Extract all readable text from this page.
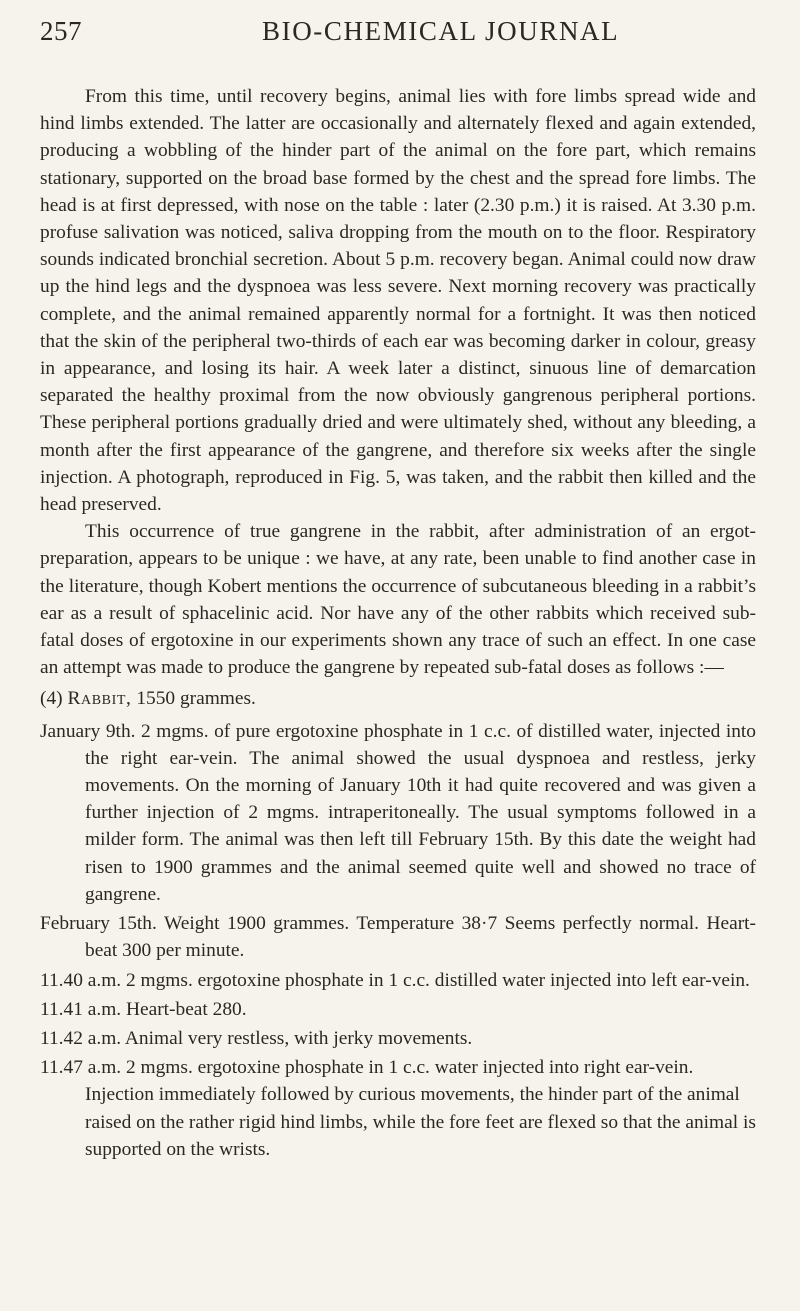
257	BIO-CHEMICAL JOURNAL

From this time, until recovery begins, animal lies with fore limbs spread wide and hind limbs extended. The latter are occasionally and alternately flexed and again extended, producing a wobbling of the hinder part of the animal on the fore part, which remains stationary, supported on the broad base formed by the chest and the spread fore limbs. The head is at first depressed, with nose on the table : later (2.30 p.m.) it is raised. At 3.30 p.m. profuse salivation was noticed, saliva dropping from the mouth on to the floor. Respiratory sounds indicated bronchial secretion. About 5 p.m. recovery began. Animal could now draw up the hind legs and the dyspnoea was less severe. Next morning recovery was practically complete, and the animal remained apparently normal for a fortnight. It was then noticed that the skin of the peripheral two-thirds of each ear was becoming darker in colour, greasy in appearance, and losing its hair. A week later a distinct, sinuous line of demarcation separated the healthy proximal from the now obviously gangrenous peripheral portions. These peripheral portions gradually dried and were ultimately shed, without any bleeding, a month after the first appearance of the gangrene, and therefore six weeks after the single injection. A photograph, reproduced in Fig. 5, was taken, and the rabbit then killed and the head preserved.

This occurrence of true gangrene in the rabbit, after administration of an ergot-preparation, appears to be unique : we have, at any rate, been unable to find another case in the literature, though Kobert mentions the occurrence of subcutaneous bleeding in a rabbit’s ear as a result of sphacelinic acid. Nor have any of the other rabbits which received sub-fatal doses of ergotoxine in our experiments shown any trace of such an effect. In one case an attempt was made to produce the gangrene by repeated sub-fatal doses as follows :—

(4) Rabbit, 1550 grammes.

January 9th. 2 mgms. of pure ergotoxine phosphate in 1 c.c. of distilled water, injected into the right ear-vein. The animal showed the usual dyspnoea and restless, jerky movements. On the morning of January 10th it had quite recovered and was given a further injection of 2 mgms. intraperitoneally. The usual symptoms followed in a milder form. The animal was then left till February 15th. By this date the weight had risen to 1900 grammes and the animal seemed quite well and showed no trace of gangrene.

February 15th. Weight 1900 grammes. Temperature 38·7 Seems perfectly normal. Heart-beat 300 per minute.

11.40 a.m. 2 mgms. ergotoxine phosphate in 1 c.c. distilled water injected into left ear-vein.

11.41 a.m. Heart-beat 280.

11.42 a.m. Animal very restless, with jerky movements.

11.47 a.m. 2 mgms. ergotoxine phosphate in 1 c.c. water injected into right ear-vein. Injection immediately followed by curious movements, the hinder part of the animal raised on the rather rigid hind limbs, while the fore feet are flexed so that the animal is supported on the wrists.
